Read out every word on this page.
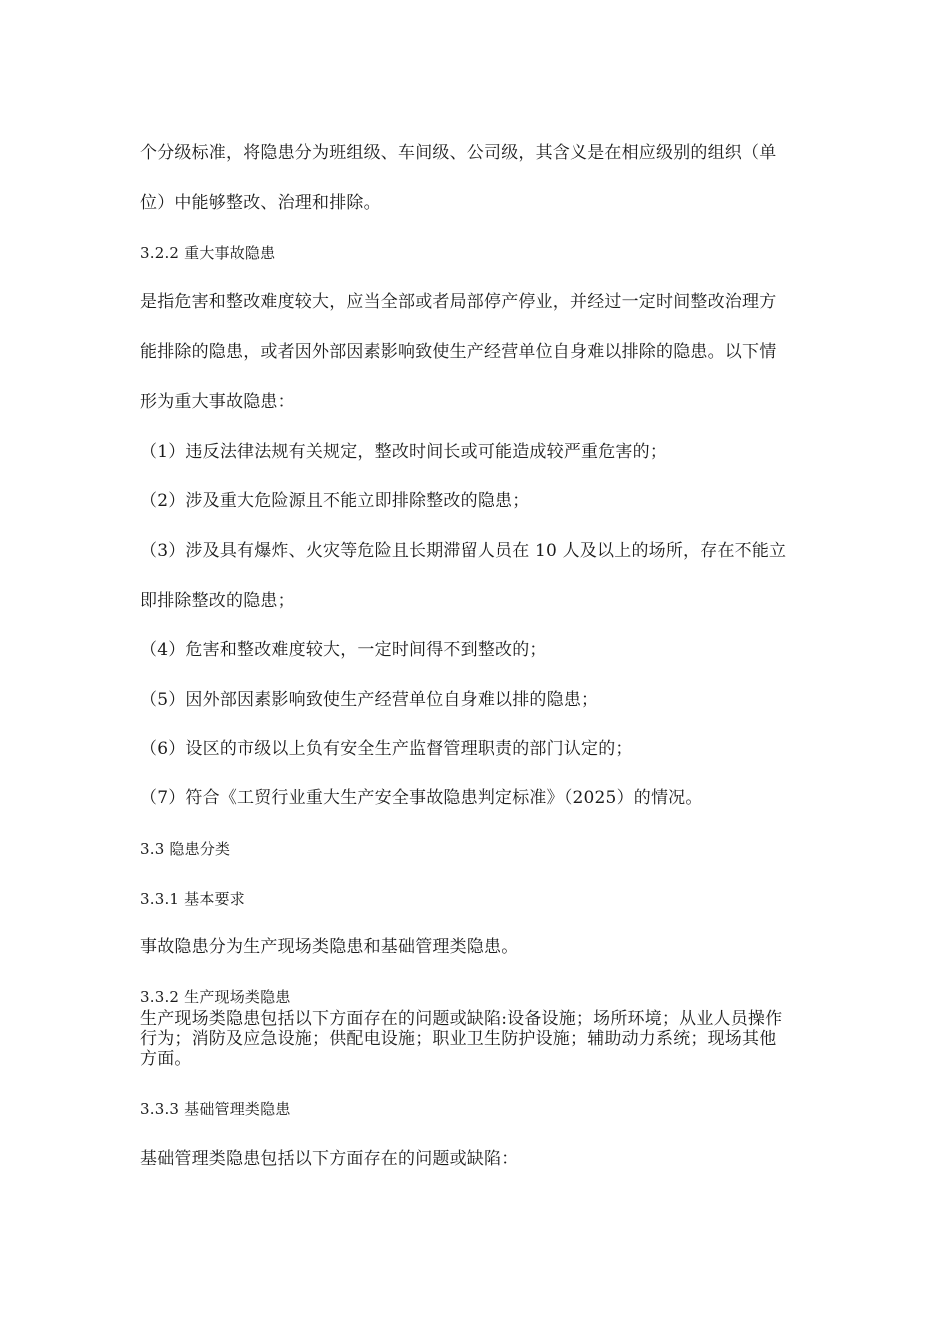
个分级标准，将隐患分为班组级、车间级、公司级，其含义是在相应级别的组织（单
位）中能够整改、治理和排除。
3.2.2 重大事故隐患
是指危害和整改难度较大，应当全部或者局部停产停业，并经过一定时间整改治理方
能排除的隐患，或者因外部因素影响致使生产经营单位自身难以排除的隐患。以下情
形为重大事故隐患：
（1）违反法律法规有关规定，整改时间长或可能造成较严重危害的；
（2）涉及重大危险源且不能立即排除整改的隐患；
（3）涉及具有爆炸、火灾等危险且长期滞留人员在 10 人及以上的场所，存在不能立
即排除整改的隐患；
（4）危害和整改难度较大，一定时间得不到整改的；
（5）因外部因素影响致使生产经营单位自身难以排的隐患；
（6）设区的市级以上负有安全生产监督管理职责的部门认定的；
（7）符合《工贸行业重大生产安全事故隐患判定标准》（2025）的情况。
3.3 隐患分类
3.3.1 基本要求
事故隐患分为生产现场类隐患和基础管理类隐患。
3.3.2 生产现场类隐患
生产现场类隐患包括以下方面存在的问题或缺陷:设备设施；场所环境；从业人员操作
行为；消防及应急设施；供配电设施；职业卫生防护设施；辅助动力系统；现场其他
方面。
3.3.3 基础管理类隐患
基础管理类隐患包括以下方面存在的问题或缺陷：
